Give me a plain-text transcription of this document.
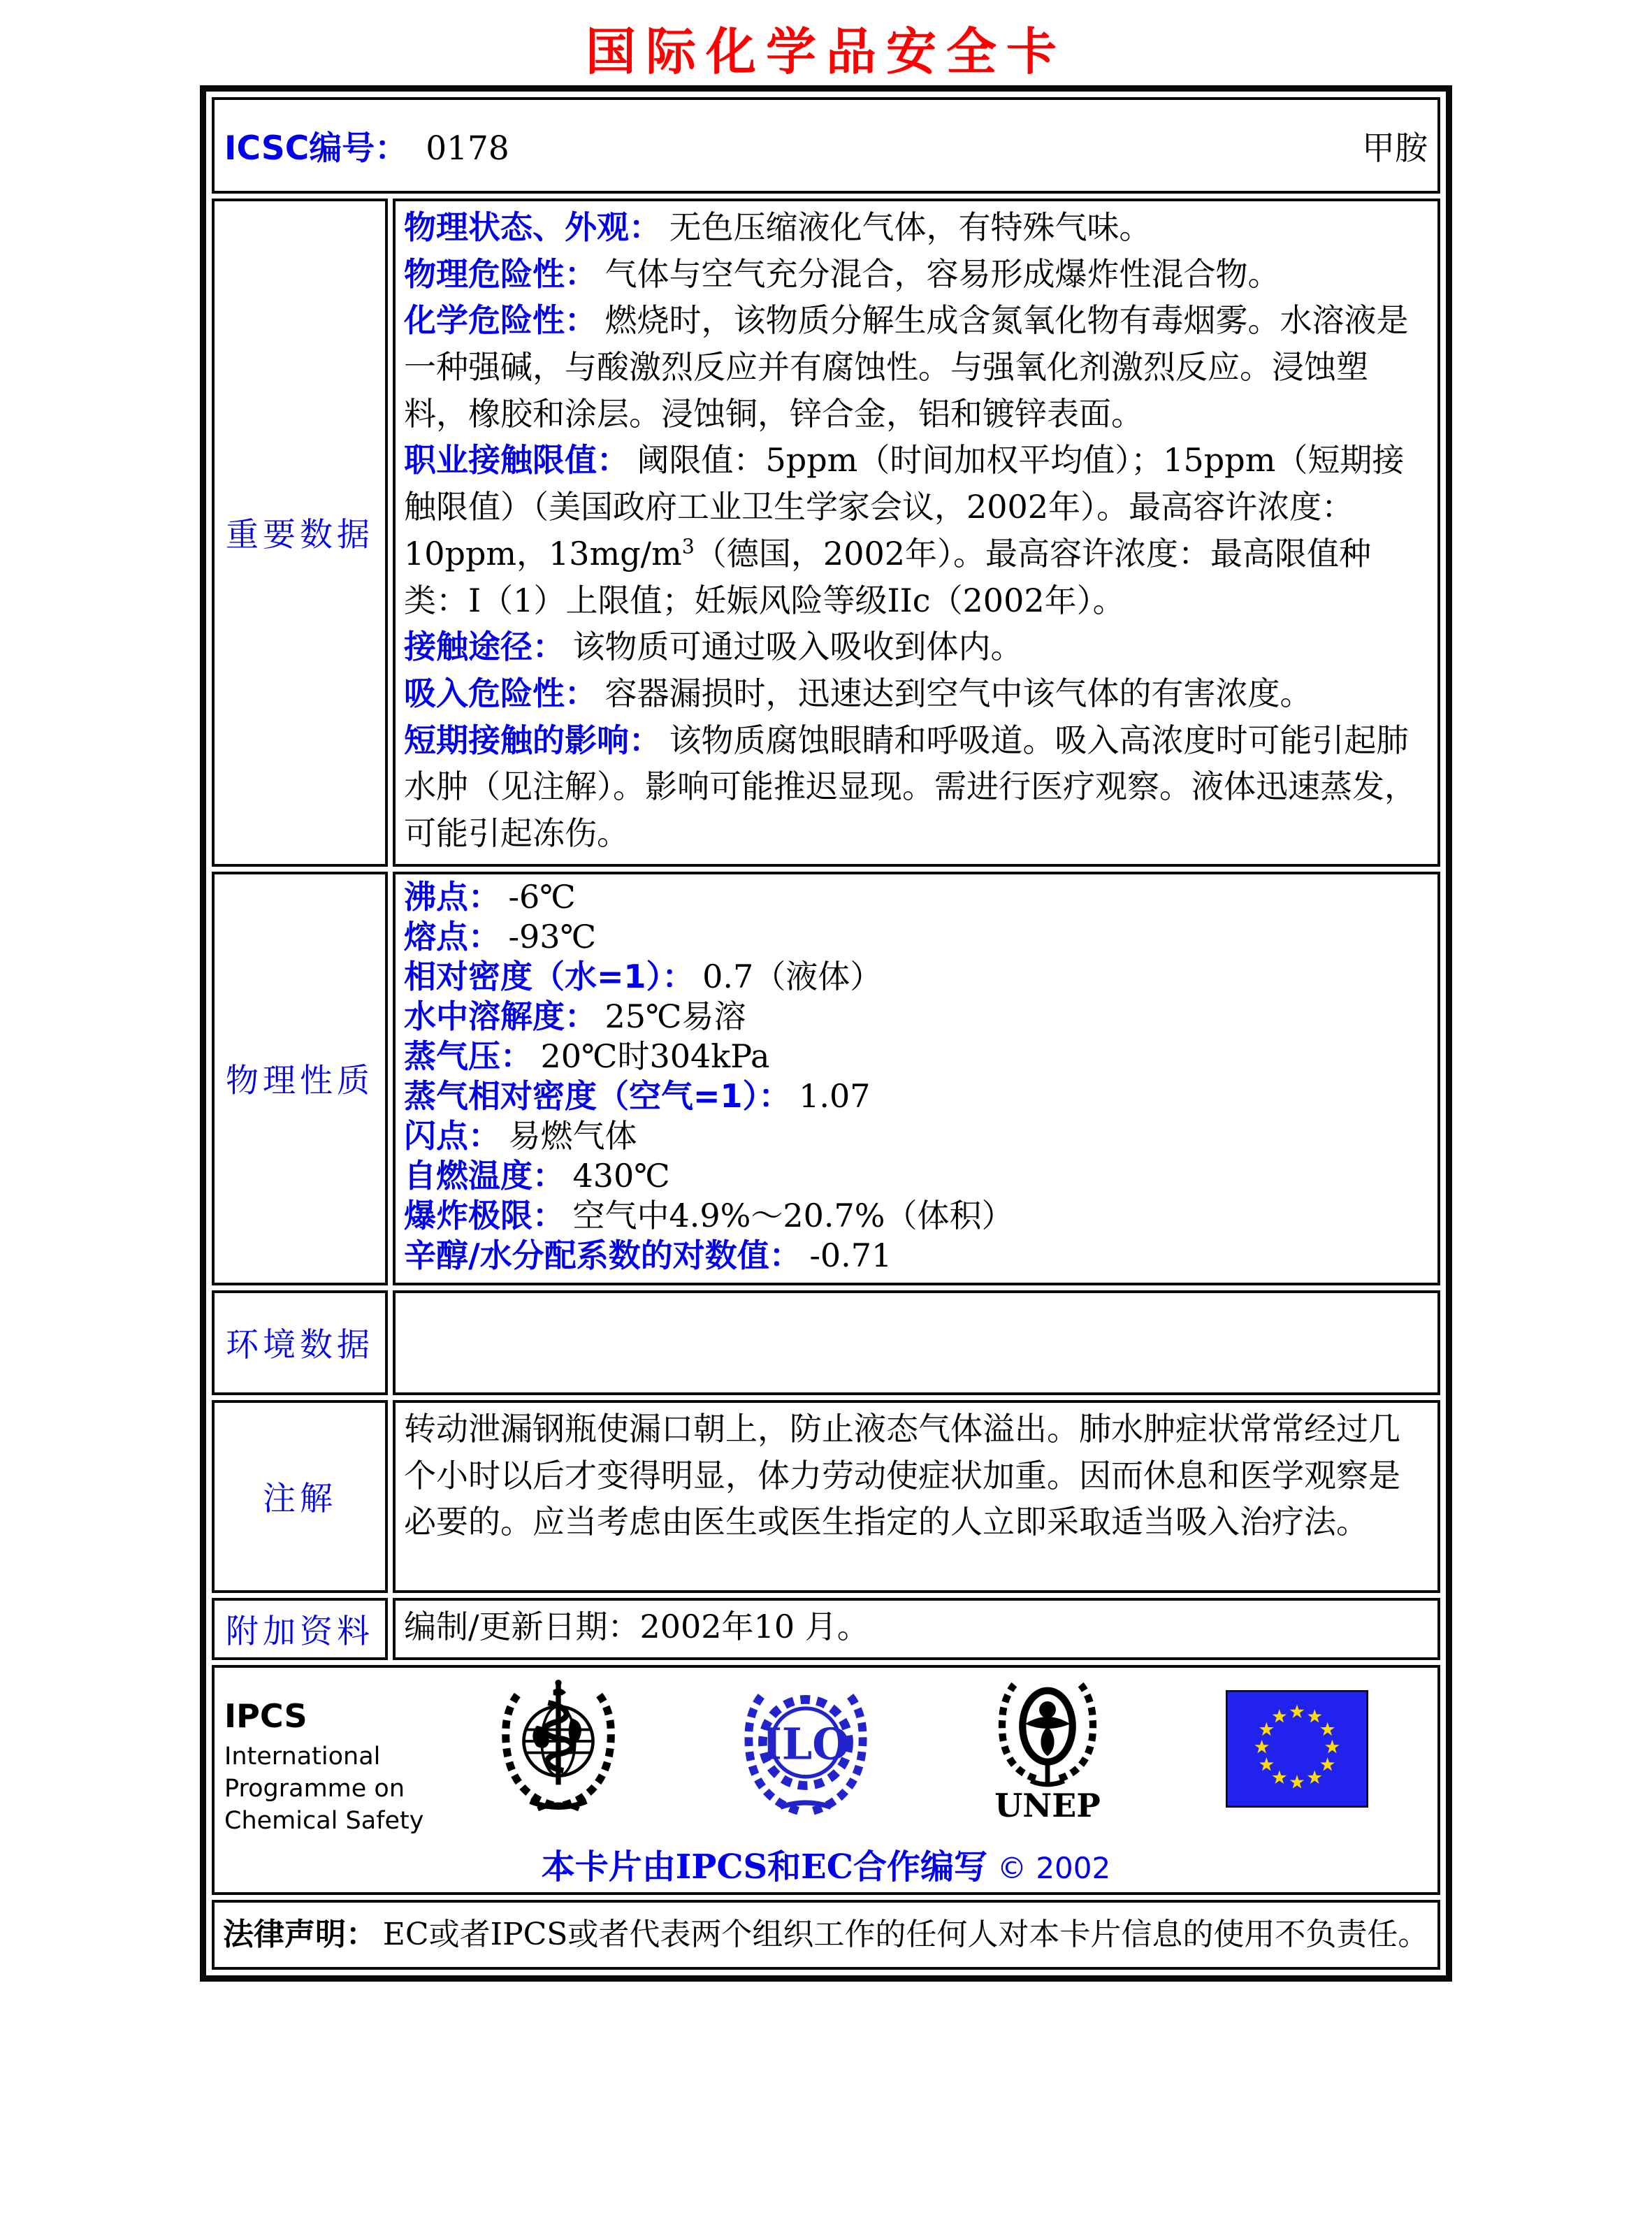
国际化学品安全卡
ICSC编号： 0178	甲胺
重要数据

物理状态、外观： 无色压缩液化气体，有特殊气味。

物理危险性： 气体与空气充分混合，容易形成爆炸性混合物。

化学危险性： 燃烧时，该物质分解生成含氮氧化物有毒烟雾。水溶液是一种强碱，与酸激烈反应并有腐蚀性。与强氧化剂激烈反应。浸蚀塑料，橡胶和涂层。浸蚀铜，锌合金，铝和镀锌表面。

职业接触限值： 阈限值：5ppm（时间加权平均值）；15ppm（短期接触限值）（美国政府工业卫生学家会议，2002年）。最高容许浓度：10ppm，$13mg/m^3$（德国，2002年）。最高容许浓度：最高限值种类：I（1）上限值；妊娠风险等级IIc（2002年）。

接触途径： 该物质可通过吸入吸收到体内。

吸入危险性： 容器漏损时，迅速达到空气中该气体的有害浓度。

短期接触的影响： 该物质腐蚀眼睛和呼吸道。吸入高浓度时可能引起肺水肿（见注解）。影响可能推迟显现。需进行医疗观察。液体迅速蒸发，可能引起冻伤。

物理性质

沸点： -6℃

熔点： -93℃

相对密度（水=1）： 0.7（液体）

水中溶解度： 25℃易溶

蒸气压： 20℃时304kPa

蒸气相对密度（空气=1）： 1.07

闪点： 易燃气体

自燃温度： 430℃

爆炸极限： 空气中4.9%～20.7%（体积）

辛醇/水分配系数的对数值： -0.71

环境数据

注解

转动泄漏钢瓶使漏口朝上，防止液态气体溢出。肺水肿症状常常经过几个小时以后才变得明显，体力劳动使症状加重。因而休息和医学观察是必要的。应当考虑由医生或医生指定的人立即采取适当吸入治疗法。

附加资料 编制/更新日期：2002年10 月。

IPCS
International
Programme on
Chemical Safety
ILO
UNEP
本卡片由IPCS和EC合作编写 © 2002
法律声明： EC或者IPCS或者代表两个组织工作的任何人对本卡片信息的使用不负责任。
